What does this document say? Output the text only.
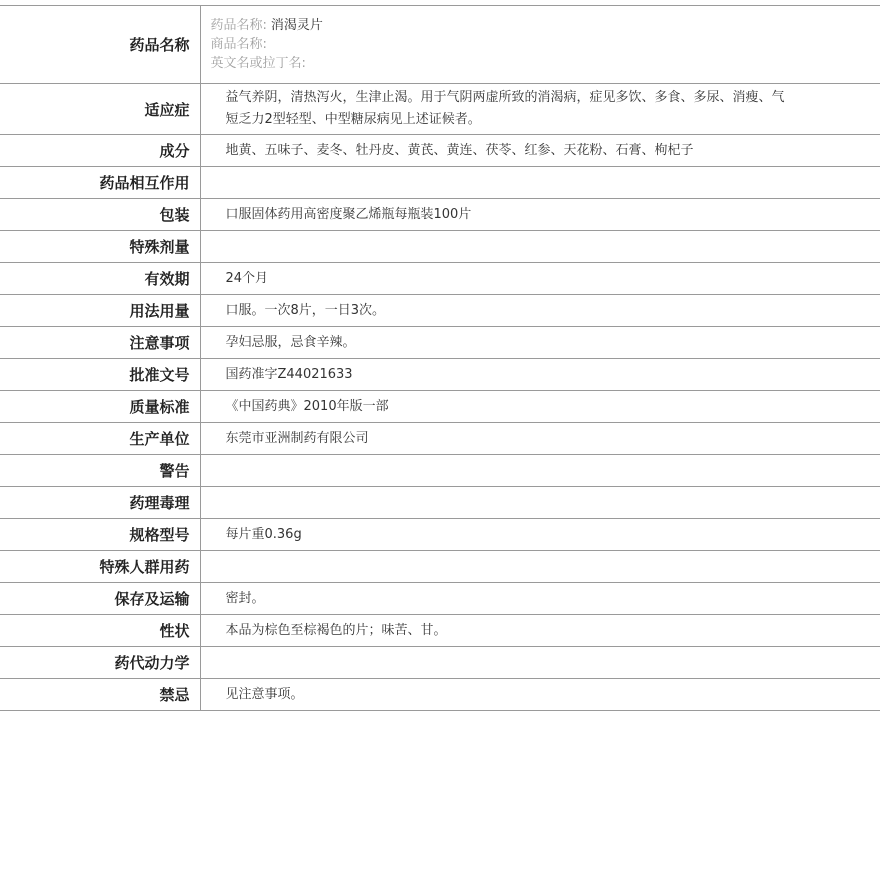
药品名称	药品名称: 消渴灵片
商品名称:
英文名或拉丁名:

适应症	益气养阴，清热泻火，生津止渴。用于气阴两虚所致的消渴病，症见多饮、多食、多尿、消瘦、气短乏力2型轻型、中型糖尿病见上述证候者。
成分	地黄、五味子、麦冬、牡丹皮、黄芪、黄连、茯苓、红参、天花粉、石膏、枸杞子
药品相互作用	
包装	口服固体药用高密度聚乙烯瓶每瓶装100片
特殊剂量	
有效期	24个月
用法用量	口服。一次8片，一日3次。
注意事项	孕妇忌服，忌食辛辣。
批准文号	国药准字Z44021633
质量标准	《中国药典》2010年版一部
生产单位	东莞市亚洲制药有限公司
警告	
药理毒理	
规格型号	每片重0.36g
特殊人群用药	
保存及运输	密封。
性状	本品为棕色至棕褐色的片；味苦、甘。
药代动力学	
禁忌	见注意事项。
